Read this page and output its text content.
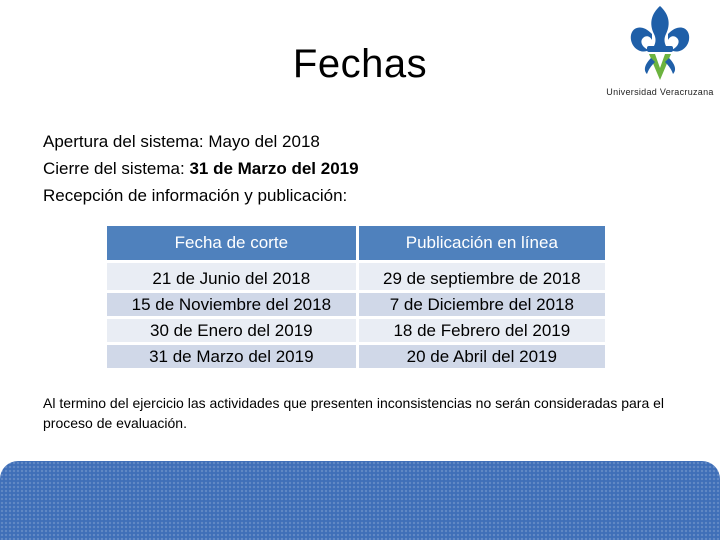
Fechas
Universidad Veracruzana
Apertura del sistema: Mayo del 2018
Cierre del sistema: 31 de Marzo del 2019
Recepción de información y publicación:
Fecha de corte	Publicación en línea
21 de Junio del 2018	29 de septiembre de 2018
15 de Noviembre del 2018	7 de Diciembre del 2018
30 de Enero del 2019	18 de Febrero del 2019
31 de Marzo del 2019	20 de Abril del 2019
Al termino del ejercicio las actividades que presenten inconsistencias no serán consideradas para el proceso de evaluación.
